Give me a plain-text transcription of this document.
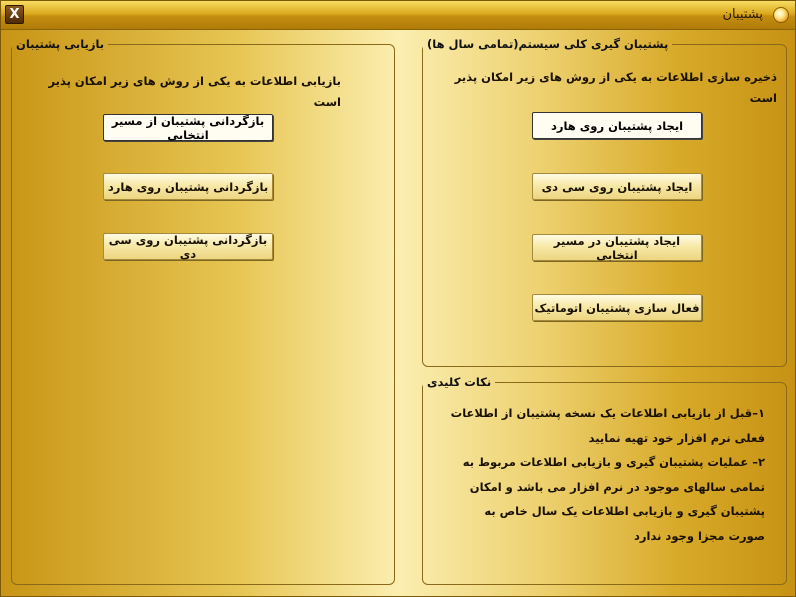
X	پشتیبان
پشتیبان گیری کلی سیستم(تمامی سال ها)
ذخیره سازی اطلاعات به یکی از روش های زیر امکان پذیر است
ایجاد پشتیبان روی هارد
ایجاد پشتیبان روی سی دی
ایجاد پشتیبان در مسیر انتخابی
فعال سازی پشتیبان اتوماتیک
بازیابی پشتیبان
بازیابی اطلاعات به یکی از روش های زیر امکان پذیر است
بازگردانی پشتیبان از مسیر انتخابی
بازگردانی پشتیبان روی هارد
بازگردانی پشتیبان روی سی دی
نکات کلیدی

۱–قبل از بازیابی اطلاعات یک نسخه پشتیبان از اطلاعات فعلی نرم افزار خود تهیه نمایید

۲– عملیات پشتیبان گیری و بازیابی اطلاعات مربوط به تمامی سالهای موجود در نرم افزار می باشد و امکان پشتیبان گیری و بازیابی اطلاعات یک سال خاص به صورت مجزا وجود ندارد
